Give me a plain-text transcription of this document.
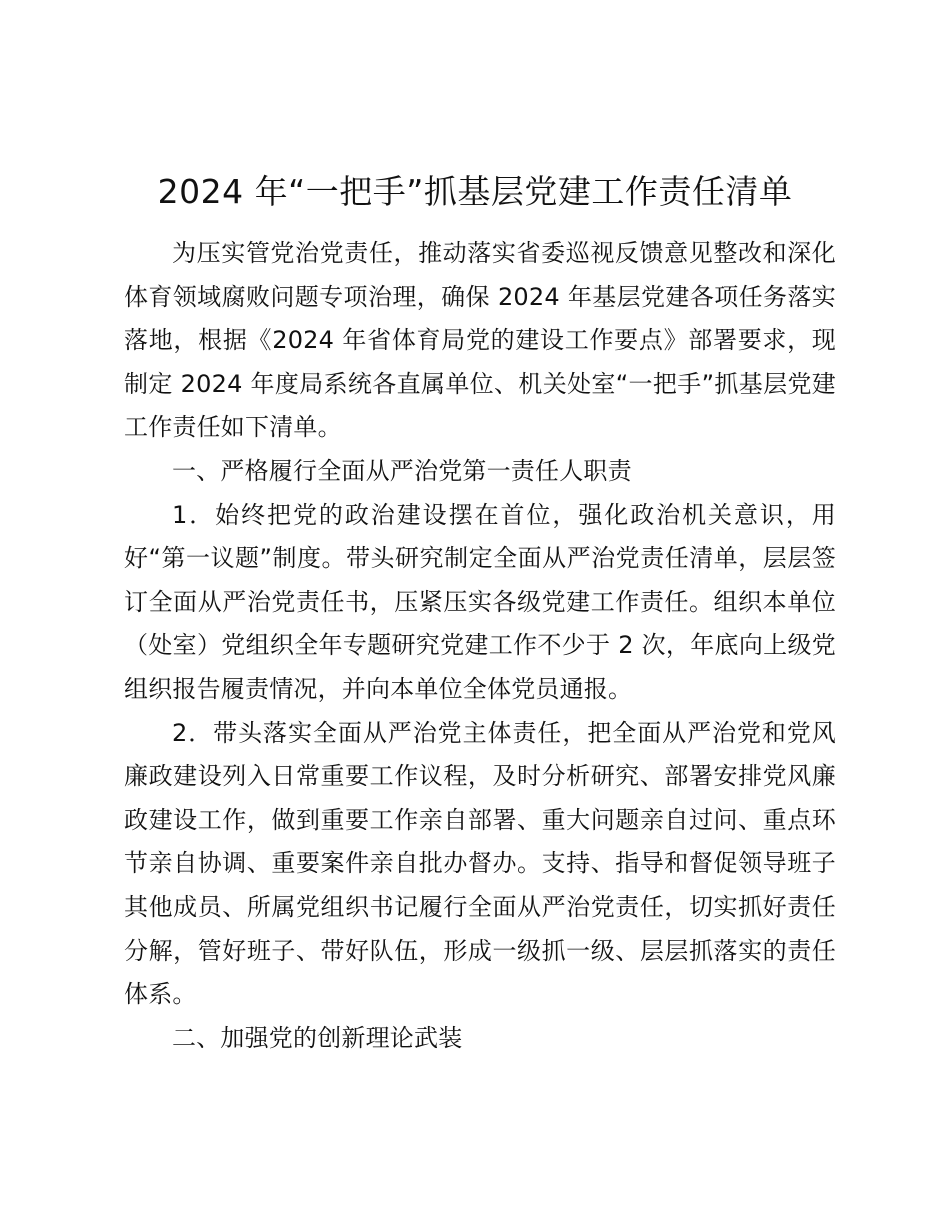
2024 年“一把手”抓基层党建工作责任清单

为压实管党治党责任，推动落实省委巡视反馈意见整改和深化体育领域腐败问题专项治理，确保 2024 年基层党建各项任务落实落地，根据《2024 年省体育局党的建设工作要点》部署要求，现制定 2024 年度局系统各直属单位、机关处室“一把手”抓基层党建工作责任如下清单。

一、严格履行全面从严治党第一责任人职责

1．始终把党的政治建设摆在首位，强化政治机关意识，用好“第一议题”制度。带头研究制定全面从严治党责任清单，层层签订全面从严治党责任书，压紧压实各级党建工作责任。组织本单位（处室）党组织全年专题研究党建工作不少于 2 次，年底向上级党组织报告履责情况，并向本单位全体党员通报。

2．带头落实全面从严治党主体责任，把全面从严治党和党风廉政建设列入日常重要工作议程，及时分析研究、部署安排党风廉政建设工作，做到重要工作亲自部署、重大问题亲自过问、重点环节亲自协调、重要案件亲自批办督办。支持、指导和督促领导班子其他成员、所属党组织书记履行全面从严治党责任，切实抓好责任分解，管好班子、带好队伍，形成一级抓一级、层层抓落实的责任体系。

二、加强党的创新理论武装
